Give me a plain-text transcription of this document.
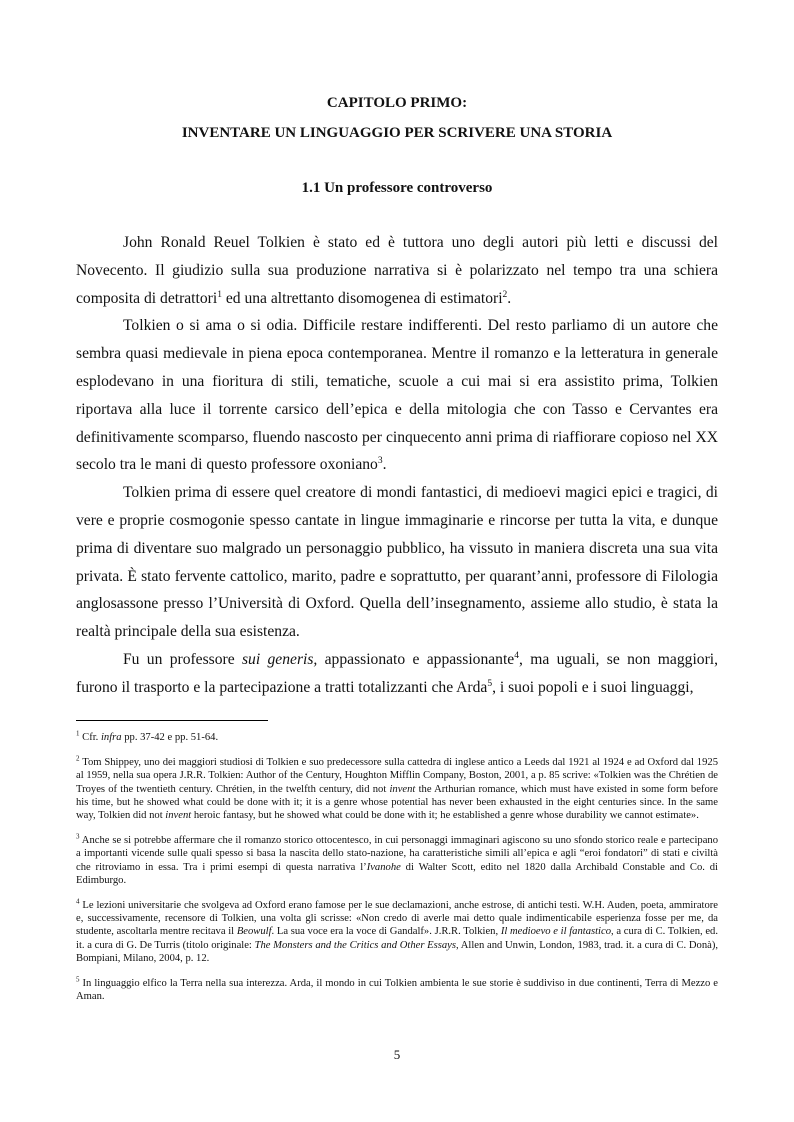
CAPITOLO PRIMO:
INVENTARE UN LINGUAGGIO PER SCRIVERE UNA STORIA
1.1 Un professore controverso

John Ronald Reuel Tolkien è stato ed è tuttora uno degli autori più letti e discussi del Novecento. Il giudizio sulla sua produzione narrativa si è polarizzato nel tempo tra una schiera composita di detrattori$^1$ ed una altrettanto disomogenea di estimatori$^2$.

Tolkien o si ama o si odia. Difficile restare indifferenti. Del resto parliamo di un autore che sembra quasi medievale in piena epoca contemporanea. Mentre il romanzo e la letteratura in generale esplodevano in una fioritura di stili, tematiche, scuole a cui mai si era assistito prima, Tolkien riportava alla luce il torrente carsico dell’epica e della mitologia che con Tasso e Cervantes era definitivamente scomparso, fluendo nascosto per cinquecento anni prima di riaffiorare copioso nel XX secolo tra le mani di questo professore oxoniano$^3$.

Tolkien prima di essere quel creatore di mondi fantastici, di medioevi magici epici e tragici, di vere e proprie cosmogonie spesso cantate in lingue immaginarie e rincorse per tutta la vita, e dunque prima di diventare suo malgrado un personaggio pubblico, ha vissuto in maniera discreta una sua vita privata. È stato fervente cattolico, marito, padre e soprattutto, per quarant’anni, professore di Filologia anglosassone presso l’Università di Oxford. Quella dell’insegnamento, assieme allo studio, è stata la realtà principale della sua esistenza.

Fu un professore sui generis, appassionato e appassionante$^4$, ma uguali, se non maggiori, furono il trasporto e la partecipazione a tratti totalizzanti che Arda$^5$, i suoi popoli e i suoi linguaggi,

$^1$ Cfr. infra pp. 37-42 e pp. 51-64.

$^2$ Tom Shippey, uno dei maggiori studiosi di Tolkien e suo predecessore sulla cattedra di inglese antico a Leeds dal 1921 al 1924 e ad Oxford dal 1925 al 1959, nella sua opera J.R.R. Tolkien: Author of the Century, Houghton Mifflin Company, Boston, 2001, a p. 85 scrive: «Tolkien was the Chrétien de Troyes of the twentieth century. Chrétien, in the twelfth century, did not invent the Arthurian romance, which must have existed in some form before his time, but he showed what could be done with it; it is a genre whose potential has never been exhausted in the eight centuries since. In the same way, Tolkien did not invent heroic fantasy, but he showed what could be done with it; he established a genre whose durability we cannot estimate».

$^3$ Anche se si potrebbe affermare che il romanzo storico ottocentesco, in cui personaggi immaginari agiscono su uno sfondo storico reale e partecipano a importanti vicende sulle quali spesso si basa la nascita dello stato-nazione, ha caratteristiche simili all’epica e agli “eroi fondatori” di stati e civiltà che ritroviamo in essa. Tra i primi esempi di questa narrativa l’Ivanohe di Walter Scott, edito nel 1820 dalla Archibald Constable and Co. di Edimburgo.

$^4$ Le lezioni universitarie che svolgeva ad Oxford erano famose per le sue declamazioni, anche estrose, di antichi testi. W.H. Auden, poeta, ammiratore e, successivamente, recensore di Tolkien, una volta gli scrisse: «Non credo di averle mai detto quale indimenticabile esperienza fosse per me, da studente, ascoltarla mentre recitava il Beowulf. La sua voce era la voce di Gandalf». J.R.R. Tolkien, Il medioevo e il fantastico, a cura di C. Tolkien, ed. it. a cura di G. De Turris (titolo originale: The Monsters and the Critics and Other Essays, Allen and Unwin, London, 1983, trad. it. a cura di C. Donà), Bompiani, Milano, 2004, p. 12.

$^5$ In linguaggio elfico la Terra nella sua interezza. Arda, il mondo in cui Tolkien ambienta le sue storie è suddiviso in due continenti, Terra di Mezzo e Aman.

5
